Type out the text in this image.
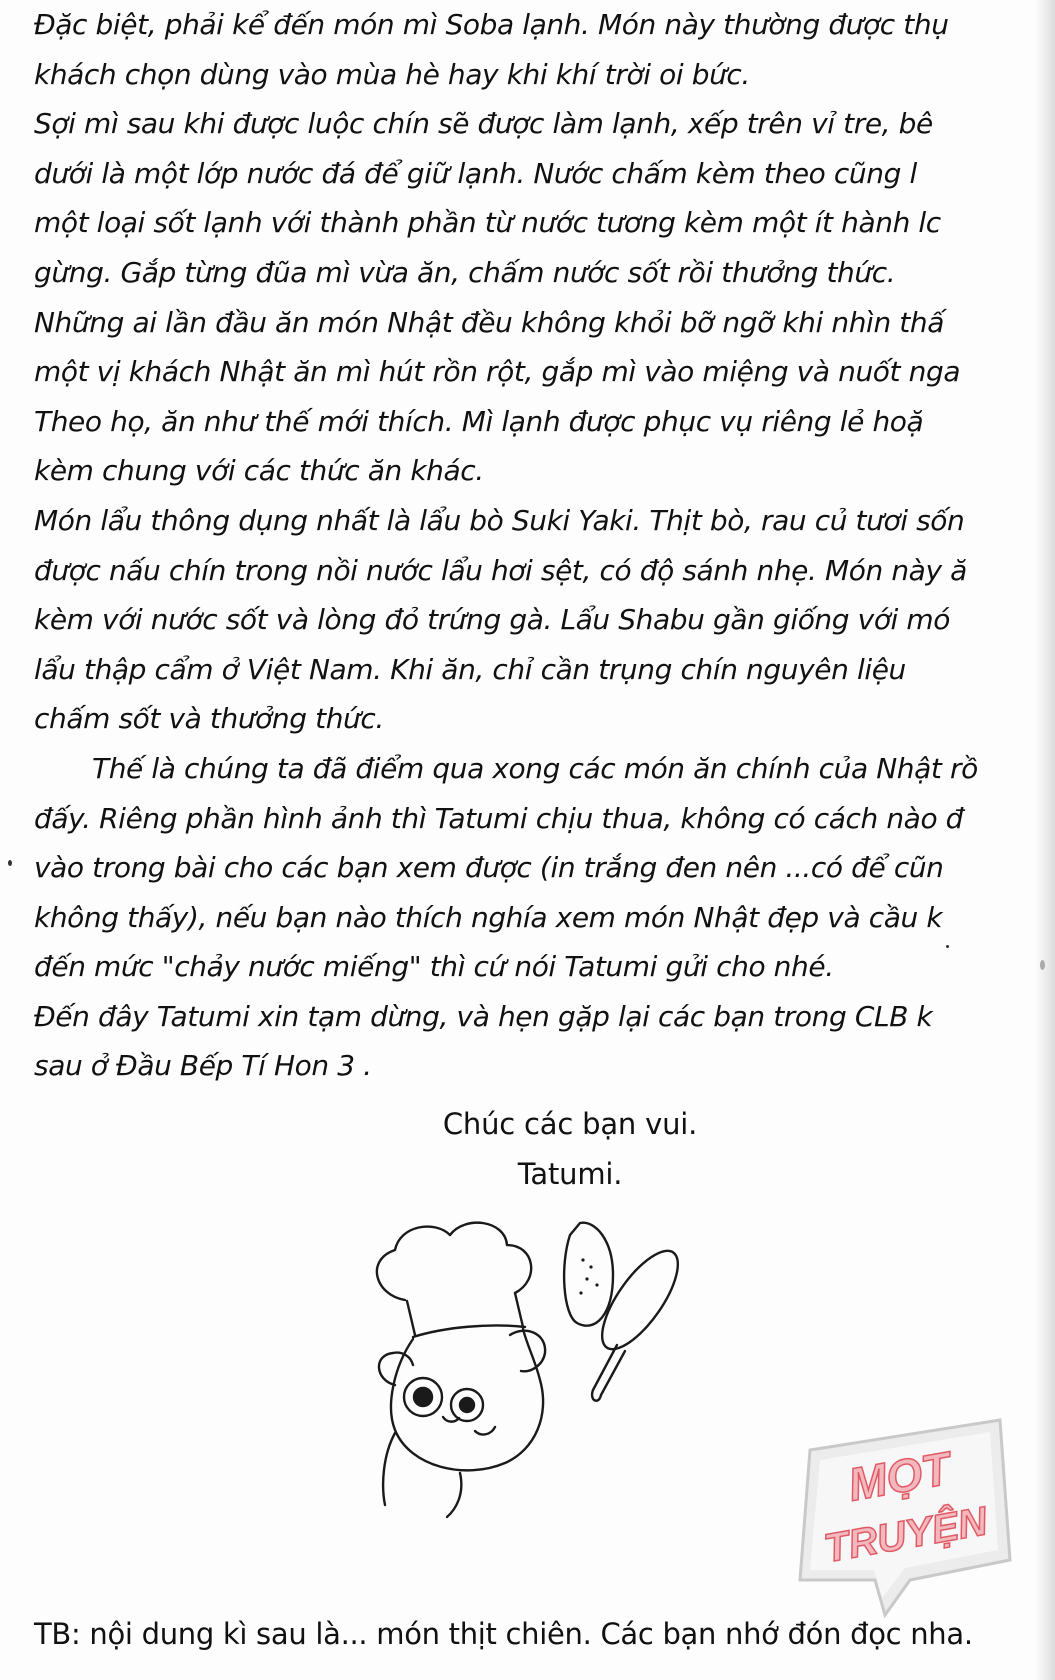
Đặc biệt, phải kể đến món mì Soba lạnh. Món này thường được thụ
khách chọn dùng vào mùa hè hay khi khí trời oi bức.
Sợi mì sau khi được luộc chín sẽ được làm lạnh, xếp trên vỉ tre, bê
dưới là một lớp nước đá để giữ lạnh. Nước chấm kèm theo cũng l
một loại sốt lạnh với thành phần từ nước tương kèm một ít hành lc
gừng. Gắp từng đũa mì vừa ăn, chấm nước sốt rồi thưởng thức.
Những ai lần đầu ăn món Nhật đều không khỏi bỡ ngỡ khi nhìn thấ
một vị khách Nhật ăn mì hút rồn rột, gắp mì vào miệng và nuốt nga
Theo họ, ăn như thế mới thích. Mì lạnh được phục vụ riêng lẻ hoặ
kèm chung với các thức ăn khác.
Món lẩu thông dụng nhất là lẩu bò Suki Yaki. Thịt bò, rau củ tươi sốn
được nấu chín trong nồi nước lẩu hơi sệt, có độ sánh nhẹ. Món này ă
kèm với nước sốt và lòng đỏ trứng gà. Lẩu Shabu gần giống với mó
lẩu thập cẩm ở Việt Nam. Khi ăn, chỉ cần trụng chín nguyên liệu
chấm sốt và thưởng thức.
Thế là chúng ta đã điểm qua xong các món ăn chính của Nhật rồ
đấy. Riêng phần hình ảnh thì Tatumi chịu thua, không có cách nào đ
vào trong bài cho các bạn xem được (in trắng đen nên ...có để cũn
không thấy), nếu bạn nào thích nghía xem món Nhật đẹp và cầu k
đến mức "chảy nước miếng" thì cứ nói Tatumi gửi cho nhé.
Đến đây Tatumi xin tạm dừng, và hẹn gặp lại các bạn trong CLB k
sau ở Đầu Bếp Tí Hon 3 .
Chúc các bạn vui.
Tatumi.
MỌT
TRUYỆN
TB: nội dung kì sau là... món thịt chiên. Các bạn nhớ đón đọc nha.
